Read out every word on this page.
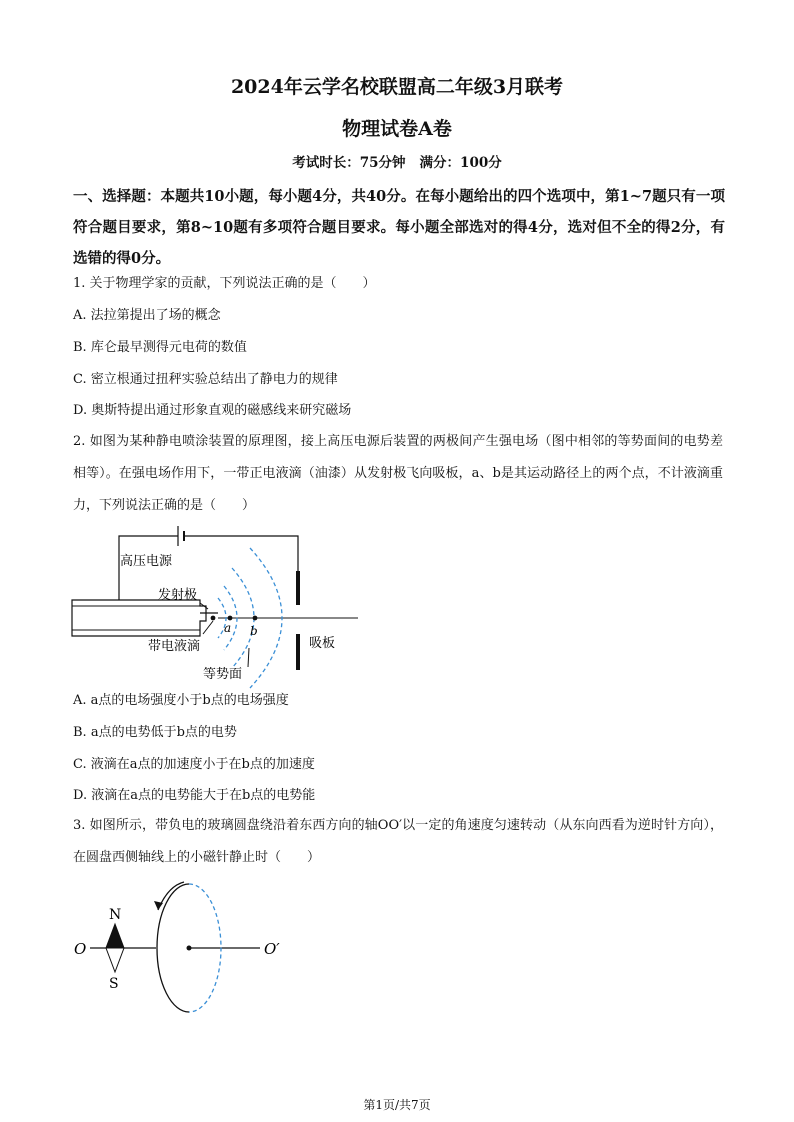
2024年云学名校联盟高二年级3月联考
物理试卷A卷
考试时长：75分钟 满分：100分
一、选择题：本题共10小题，每小题4分，共40分。在每小题给出的四个选项中，第1~7题只有一项符合题目要求，第8~10题有多项符合题目要求。每小题全部选对的得4分，选对但不全的得2分，有选错的得0分。
1. 关于物理学家的贡献，下列说法正确的是（　　）
A. 法拉第提出了场的概念
B. 库仑最早测得元电荷的数值
C. 密立根通过扭秤实验总结出了静电力的规律
D. 奥斯特提出通过形象直观的磁感线来研究磁场
2. 如图为某种静电喷涂装置的原理图，接上高压电源后装置的两极间产生强电场（图中相邻的等势面间的电势差相等）。在强电场作用下，一带正电液滴（油漆）从发射极飞向吸板，a、b是其运动路径上的两个点，不计液滴重力，下列说法正确的是（　　）
高压电源
发射极
带电液滴	吸板
等势面
a b
A. a点的电场强度小于b点的电场强度
B. a点的电势低于b点的电势
C. 液滴在a点的加速度小于在b点的加速度
D. 液滴在a点的电势能大于在b点的电势能
3. 如图所示，带负电的玻璃圆盘绕沿着东西方向的轴OO′以一定的角速度匀速转动（从东向西看为逆时针方向），在圆盘西侧轴线上的小磁针静止时（　　）
N
S
O	O′
第1页/共7页
